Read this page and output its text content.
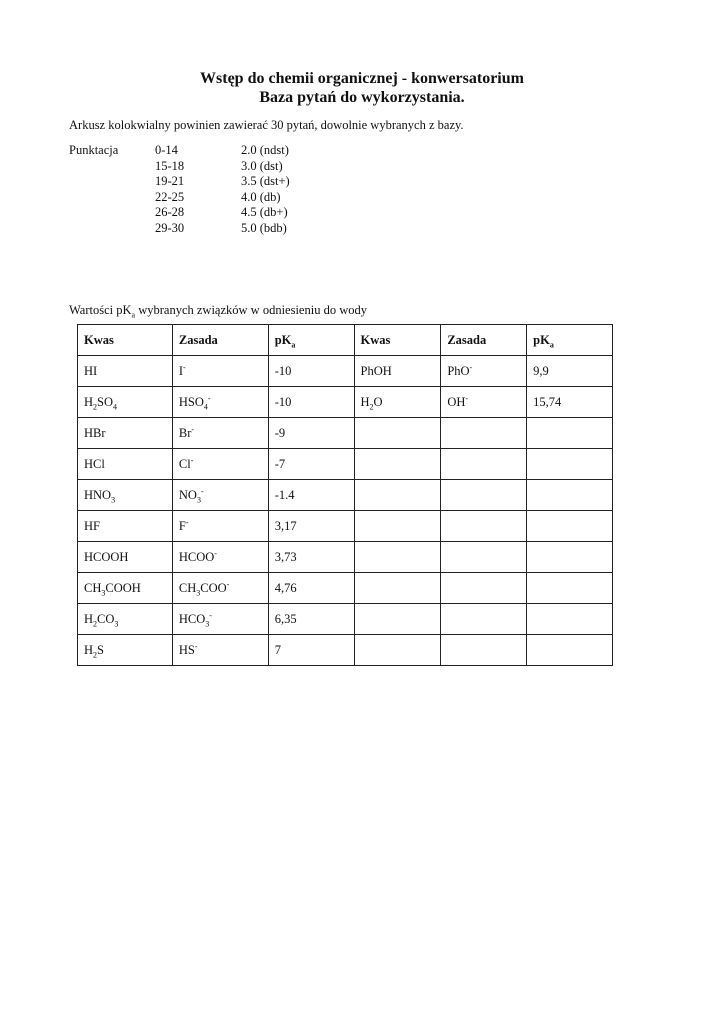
Wstęp do chemii organicznej - konwersatorium
Baza pytań do wykorzystania.

Arkusz kolokwialny powinien zawierać 30 pytań, dowolnie wybranych z bazy.

Punktacja	0-14	2.0 (ndst)
15-18	3.0 (dst)
19-21	3.5 (dst+)
22-25	4.0 (db)
26-28	4.5 (db+)
29-30	5.0 (bdb)

Wartości $pK_a$ wybranych związków w odniesieniu do wody

Kwas	Zasada	$pK_a$	Kwas	Zasada	$pK_a$
HI	I-	-10	PhOH	PhO-	9,9
$H_2SO_4$	$HSO_4^-$	-10	$H_2O$	OH-	15,74
HBr	Br-	-9			
HCl	Cl-	-7			
$HNO_3$	$NO_3^-$	-1.4			
HF	F-	3,17			
HCOOH	HCOO-	3,73			
$CH_3COOH$	$CH_3COO^-$	4,76			
$H_2CO_3$	$HCO_3^-$	6,35			
$H_2S$	HS-	7			
